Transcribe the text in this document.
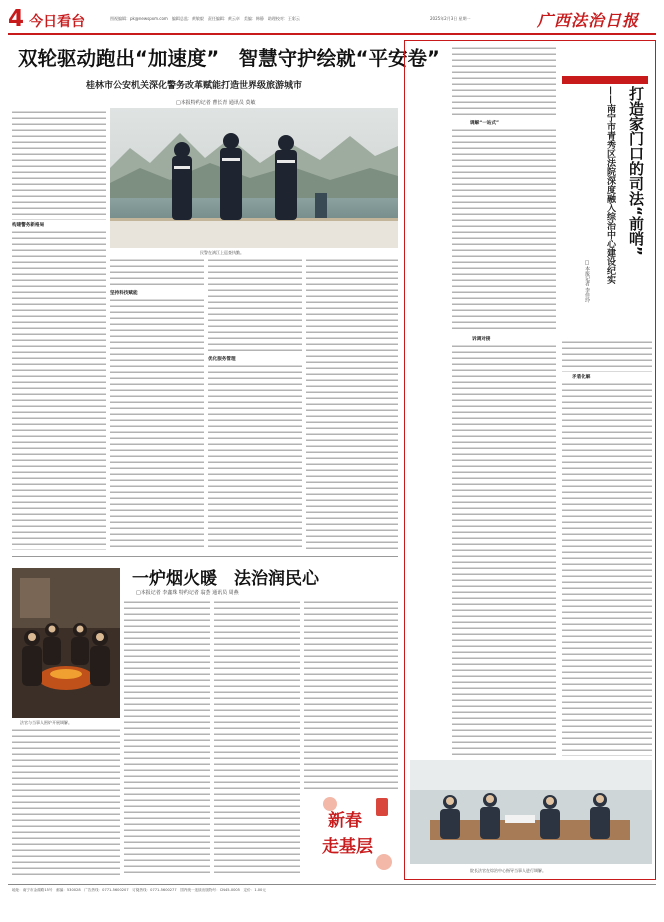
4 今日看台	图视编辑：pk@newspxm.com　编辑总监：黄敏毅　责任编辑：黄云卓　美编：韩静　助理校对：王彩云	2025年2月3日 星期一	广西法治日报
双轮驱动跑出“加速度”　智慧守护绘就“平安卷”
桂林市公安机关深化警务改革赋能打造世界级旅游城市
□本报特约记者 曹长青 通讯员 莫敏
构建警务新格局
民警在漓江上巡查执勤。
坚持科技赋能
优化服务管理
一炉烟火暖　法治润民心
□本报记者 李鑫珠 特约记者 翁荟 通讯员 周燕
法官与当事人围炉开展调解。
新春
走基层
打造家门口的司法“前哨”
——南宁市青秀区法院深度融入综治中心建设纪实
□本报记者 李佳玲
调解“一站式”
诉调对接
矛盾化解
院长法官在综治中心指导当事人进行调解。
地址：南宁市金湖路15号　邮编：530028　广告热线：0771-5600207　订阅热线：0771-5600277　国内统一连续出版物号：CN45-0005　定价：1.00元
